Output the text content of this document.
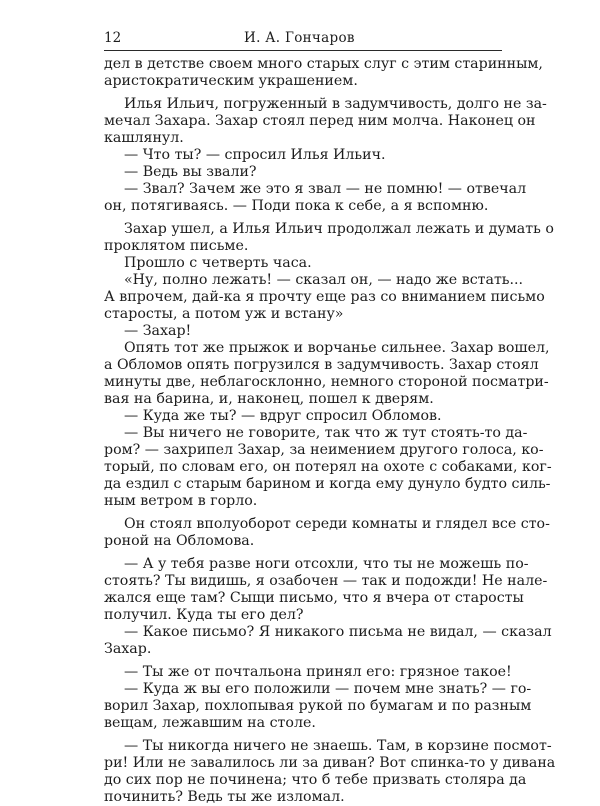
12	И. А. Гончаров
дел в детстве своем много старых слуг с этим старинным,
аристократическим украшением.
Илья Ильич, погруженный в задумчивость, долго не за-
мечал Захара. Захар стоял перед ним молча. Наконец он
кашлянул.
— Что ты? — спросил Илья Ильич.
— Ведь вы звали?
— Звал? Зачем же это я звал — не помню! — отвечал
он, потягиваясь. — Поди пока к себе, а я вспомню.
Захар ушел, а Илья Ильич продолжал лежать и думать о
проклятом письме.
Прошло с четверть часа.
«Ну, полно лежать! — сказал он, — надо же встать...
А впрочем, дай-ка я прочту еще раз со вниманием письмо
старосты, а потом уж и встану»
— Захар!
Опять тот же прыжок и ворчанье сильнее. Захар вошел,
а Обломов опять погрузился в задумчивость. Захар стоял
минуты две, неблагосклонно, немного стороной посматри-
вая на барина, и, наконец, пошел к дверям.
— Куда же ты? — вдруг спросил Обломов.
— Вы ничего не говорите, так что ж тут стоять-то да-
ром? — захрипел Захар, за неимением другого голоса, ко-
торый, по словам его, он потерял на охоте с собаками, ког-
да ездил с старым барином и когда ему дунуло будто силь-
ным ветром в горло.
Он стоял вполуоборот середи комнаты и глядел все сто-
роной на Обломова.
— А у тебя разве ноги отсохли, что ты не можешь по-
стоять? Ты видишь, я озабочен — так и подожди! Не нале-
жался еще там? Сыщи письмо, что я вчера от старосты
получил. Куда ты его дел?
— Какое письмо? Я никакого письма не видал, — сказал
Захар.
— Ты же от почтальона принял его: грязное такое!
— Куда ж вы его положили — почем мне знать? — го-
ворил Захар, похлопывая рукой по бумагам и по разным
вещам, лежавшим на столе.
— Ты никогда ничего не знаешь. Там, в корзине посмот-
ри! Или не завалилось ли за диван? Вот спинка-то у дивана
до сих пор не починена; что б тебе призвать столяра да
починить? Ведь ты же изломал.
